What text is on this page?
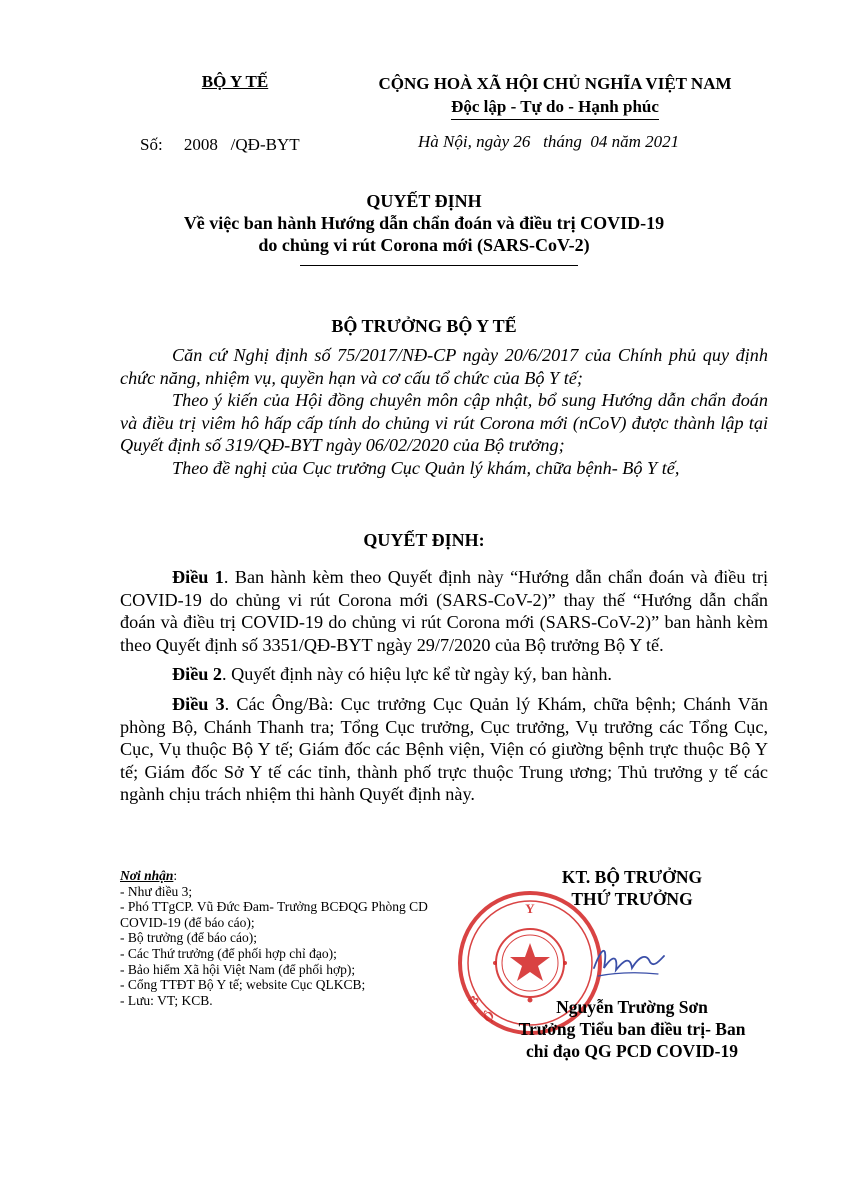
BỘ Y TẾ	CỘNG HOÀ XÃ HỘI CHỦ NGHĨA VIỆT NAM
Độc lập - Tự do - Hạnh phúc
Số:     2008   /QĐ-BYT	Hà Nội, ngày 26   tháng  04 năm 2021
QUYẾT ĐỊNH
Về việc ban hành Hướng dẫn chẩn đoán và điều trị COVID-19
do chủng vi rút Corona mới (SARS-CoV-2)
BỘ TRƯỞNG BỘ Y TẾ

Căn cứ Nghị định số 75/2017/NĐ-CP ngày 20/6/2017 của Chính phủ quy định chức năng, nhiệm vụ, quyền hạn và cơ cấu tổ chức của Bộ Y tế;

Theo ý kiến của Hội đồng chuyên môn cập nhật, bổ sung Hướng dẫn chẩn đoán và điều trị viêm hô hấp cấp tính do chủng vi rút Corona mới (nCoV) được thành lập tại Quyết định số 319/QĐ-BYT ngày 06/02/2020 của Bộ trưởng;

Theo đề nghị của Cục trưởng Cục Quản lý khám, chữa bệnh- Bộ Y tế,

QUYẾT ĐỊNH:

Điều 1. Ban hành kèm theo Quyết định này “Hướng dẫn chẩn đoán và điều trị COVID-19 do chủng vi rút Corona mới (SARS-CoV-2)” thay thế “Hướng dẫn chẩn đoán và điều trị COVID-19 do chủng vi rút Corona mới (SARS-CoV-2)” ban hành kèm theo Quyết định số 3351/QĐ-BYT ngày 29/7/2020 của Bộ trưởng Bộ Y tế.

Điều 2. Quyết định này có hiệu lực kể từ ngày ký, ban hành.

Điều 3. Các Ông/Bà: Cục trưởng Cục Quản lý Khám, chữa bệnh; Chánh Văn phòng Bộ, Chánh Thanh tra; Tổng Cục trưởng, Cục trưởng, Vụ trưởng các Tổng Cục, Cục, Vụ thuộc Bộ Y tế; Giám đốc các Bệnh viện, Viện có giường bệnh trực thuộc Bộ Y tế; Giám đốc Sở Y tế các tỉnh, thành phố trực thuộc Trung ương; Thủ trưởng y tế các ngành chịu trách nhiệm thi hành Quyết định này.

Nơi nhận:
- Như điều 3;
- Phó TTgCP. Vũ Đức Đam- Trưởng BCĐQG Phòng CD COVID-19 (để báo cáo);
- Bộ trưởng (để báo cáo);
- Các Thứ trưởng (để phối hợp chỉ đạo);
- Bảo hiểm Xã hội Việt Nam (để phối hợp);
- Cổng TTĐT Bộ Y tế; website Cục QLKCB;
- Lưu: VT; KCB.
Y
B
Ộ
KT. BỘ TRƯỞNG
THỨ TRƯỞNG
Nguyễn Trường Sơn
Trưởng Tiểu ban điều trị- Ban
chỉ đạo QG PCD COVID-19
